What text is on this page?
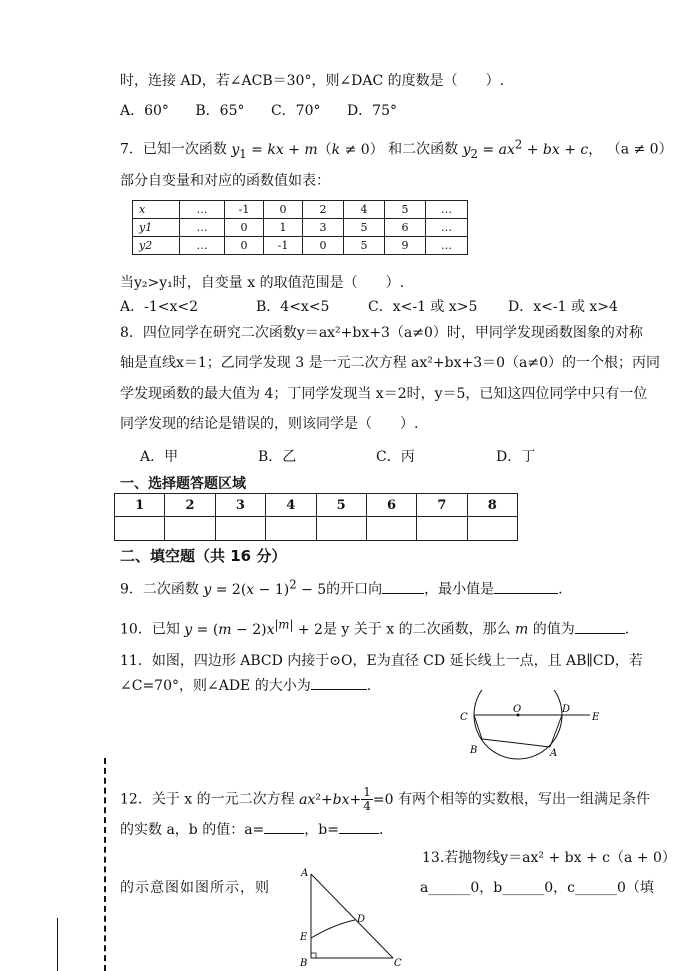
时，连接 AD，若∠ACB＝30°，则∠DAC 的度数是（　　）.
A．60° B．65° C．70° D．75°
7．已知一次函数 $y_1$ = kx + m（k ≠ 0） 和二次函数 $y_2 = ax^2$ + bx + c， （a ≠ 0）
部分自变量和对应的函数值如表：
x	…	-1	0	2	4	5	…
y1	…	0	1	3	5	6	…
y2	…	0	-1	0	5	9	…
当y₂>y₁时，自变量 x 的取值范围是（　　）.
A．-1<x<2	B．4<x<5	C．x<-1 或 x>5 D．x<-1 或 x>4
8．四位同学在研究二次函数y＝ax²+bx+3（a≠0）时，甲同学发现函数图象的对称
轴是直线x＝1；乙同学发现 3 是一元二次方程 ax²+bx+3＝0（a≠0）的一个根；丙同
学发现函数的最大值为 4；丁同学发现当 x＝2时，y＝5，已知这四位同学中只有一位
同学发现的结论是错误的，则该同学是（　　）.
A．甲	B．乙	C．丙	D．丁
一、选择题答题区域
1	2	3	4	5	6	7	8

二、填空题（共 16 分）
9．二次函数 $y = 2(x - 1)^2 - 5$的开口向	，最小值是	.
10．已知 $y = (m - 2)x^{|m|} + 2$是 y 关于 x 的二次函数，那么 m 的值为	.
11．如图，四边形 ABCD 内接于⊙O，E为直径 CD 延长线上一点，且 AB∥CD，若
∠C=70°，则∠ADE 的大小为	.
C
O	D
E
B	A
12．关于 x 的一元二次方程 $ax^2+bx+ \frac{1}{4} =0$ 有两个相等的实数根，写出一组满足条件
的实数 a，b 的值：a=	，b=	.
13.若抛物线y＝ax² + bx + c（a + 0）
的示意图如图所示，则	a______0，b______0，c______0（填
A
D
E
B	C
